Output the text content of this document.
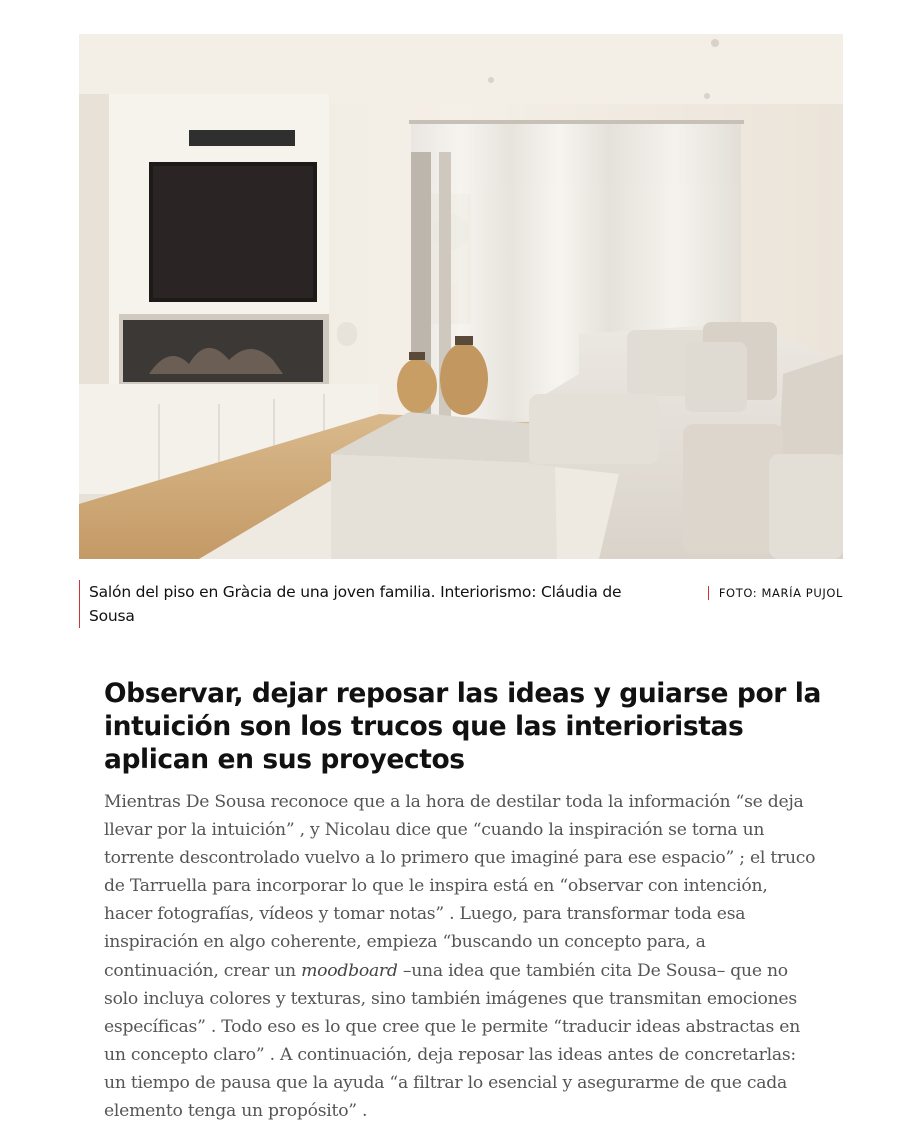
Salón del piso en Gràcia de una joven familia. Interiorismo: Cláudia de Sousa
FOTO: MARÍA PUJOL
Observar, dejar reposar las ideas y guiarse por la intuición son los trucos que las interioristas aplican en sus proyectos

Mientras De Sousa reconoce que a la hora de destilar toda la información “se deja llevar por la intuición” , y Nicolau dice que “cuando la inspiración se torna un torrente descontrolado vuelvo a lo primero que imaginé para ese espacio” ; el truco de Tarruella para incorporar lo que le inspira está en “observar con intención, hacer fotografías, vídeos y tomar notas” . Luego, para transformar toda esa inspiración en algo coherente, empieza “buscando un concepto para, a continuación, crear un moodboard –una idea que también cita De Sousa– que no solo incluya colores y texturas, sino también imágenes que transmitan emociones específicas” . Todo eso es lo que cree que le permite “traducir ideas abstractas en un concepto claro” . A continuación, deja reposar las ideas antes de concretarlas: un tiempo de pausa que la ayuda “a filtrar lo esencial y asegurarme de que cada elemento tenga un propósito” .
